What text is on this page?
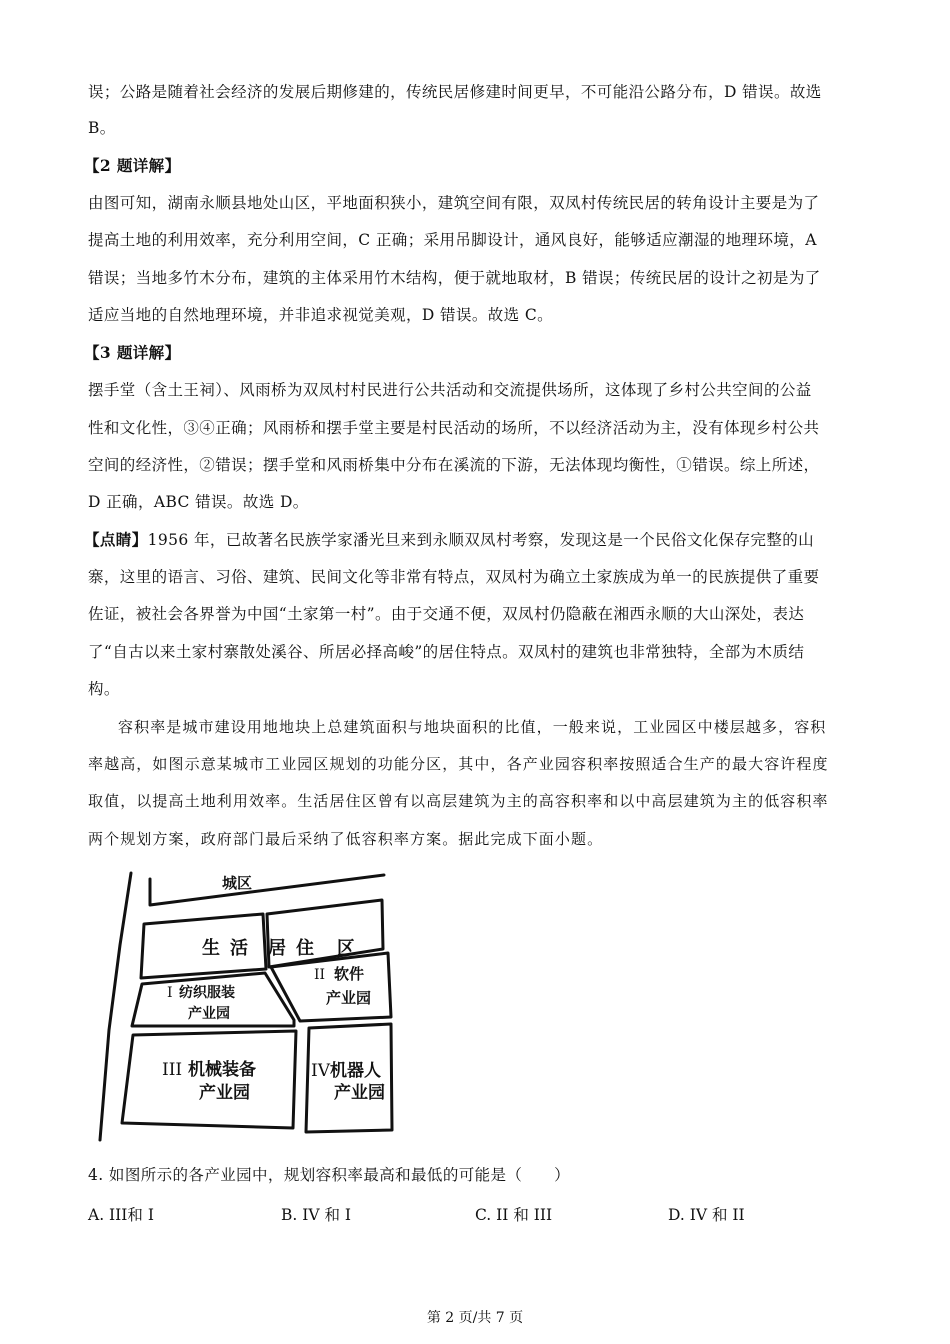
误；公路是随着社会经济的发展后期修建的，传统民居修建时间更早，不可能沿公路分布，D 错误。故选
B。
【2 题详解】
由图可知，湖南永顺县地处山区，平地面积狭小，建筑空间有限，双凤村传统民居的转角设计主要是为了
提高土地的利用效率，充分利用空间，C 正确；采用吊脚设计，通风良好，能够适应潮湿的地理环境，A
错误；当地多竹木分布，建筑的主体采用竹木结构，便于就地取材，B 错误；传统民居的设计之初是为了
适应当地的自然地理环境，并非追求视觉美观，D 错误。故选 C。
【3 题详解】
摆手堂（含土王祠）、风雨桥为双凤村村民进行公共活动和交流提供场所，这体现了乡村公共空间的公益
性和文化性，③④正确；风雨桥和摆手堂主要是村民活动的场所，不以经济活动为主，没有体现乡村公共
空间的经济性，②错误；摆手堂和风雨桥集中分布在溪流的下游，无法体现均衡性，①错误。综上所述，
D 正确，ABC 错误。故选 D。
【点睛】1956 年，已故著名民族学家潘光旦来到永顺双凤村考察，发现这是一个民俗文化保存完整的山
寨，这里的语言、习俗、建筑、民间文化等非常有特点，双凤村为确立土家族成为单一的民族提供了重要
佐证，被社会各界誉为中国“土家第一村”。由于交通不便，双凤村仍隐蔽在湘西永顺的大山深处，表达
了“自古以来土家村寨散处溪谷、所居必择高峻”的居住特点。双凤村的建筑也非常独特，全部为木质结
构。
容积率是城市建设用地地块上总建筑面积与地块面积的比值，一般来说，工业园区中楼层越多，容积
率越高，如图示意某城市工业园区规划的功能分区，其中，各产业园容积率按照适合生产的最大容许程度
取值，以提高土地利用效率。生活居住区曾有以高层建筑为主的高容积率和以中高层建筑为主的低容积率
两个规划方案，政府部门最后采纳了低容积率方案。据此完成下面小题。
城区
生 活 居 住 区
I 纺织服装
产业园
II 软件
产业园
III 机械装备
产业园
IV 机器人
产业园
4. 如图所示的各产业园中，规划容积率最高和最低的可能是（　　）
A. III和 I	B. IV 和 I	C. II 和 III	D. IV 和 II
第 2 页/共 7 页
